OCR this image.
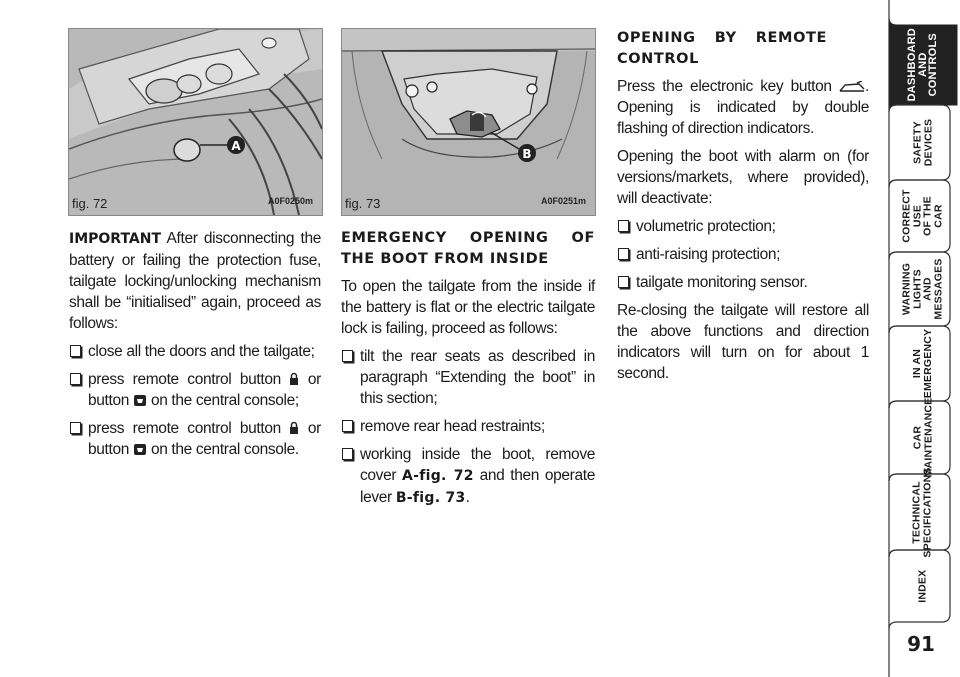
A
fig. 72	A0F0250m
B
fig. 73	A0F0251m

IMPORTANT After disconnecting the battery or failing the protection fuse, tailgate locking/unlocking mechanism shall be “initialised” again, proceed as follows:

close all the doors and the tailgate;
press remote control button or button on the central console;
press remote control button or button on the central console.
EMERGENCY OPENING OF THE BOOT FROM INSIDE

To open the tailgate from the inside if the battery is flat or the electric tailgate lock is failing, proceed as follows:

tilt the rear seats as described in paragraph “Extending the boot” in this section;
remove rear head restraints;
working inside the boot, remove cover A-fig. 72 and then operate lever B-fig. 73.
OPENING BY REMOTE CONTROL

Press the electronic key button . Opening is indicated by double flashing of direction indicators.

Opening the boot with alarm on (for versions/markets, where provided), will deactivate:

volumetric protection;
anti-raising protection;
tailgate monitoring sensor.

Re-closing the tailgate will restore all the above functions and direction indicators will turn on for about 1 second.

DASHBOARD
AND
CONTROLS
SAFETY
DEVICES
CORRECT USE
OF THE CAR
WARNING
LIGHTS AND
MESSAGES
IN AN
EMERGENCY
CAR
MAINTENANCE
TECHNICAL
SPECIFICATIONS
INDEX
91
